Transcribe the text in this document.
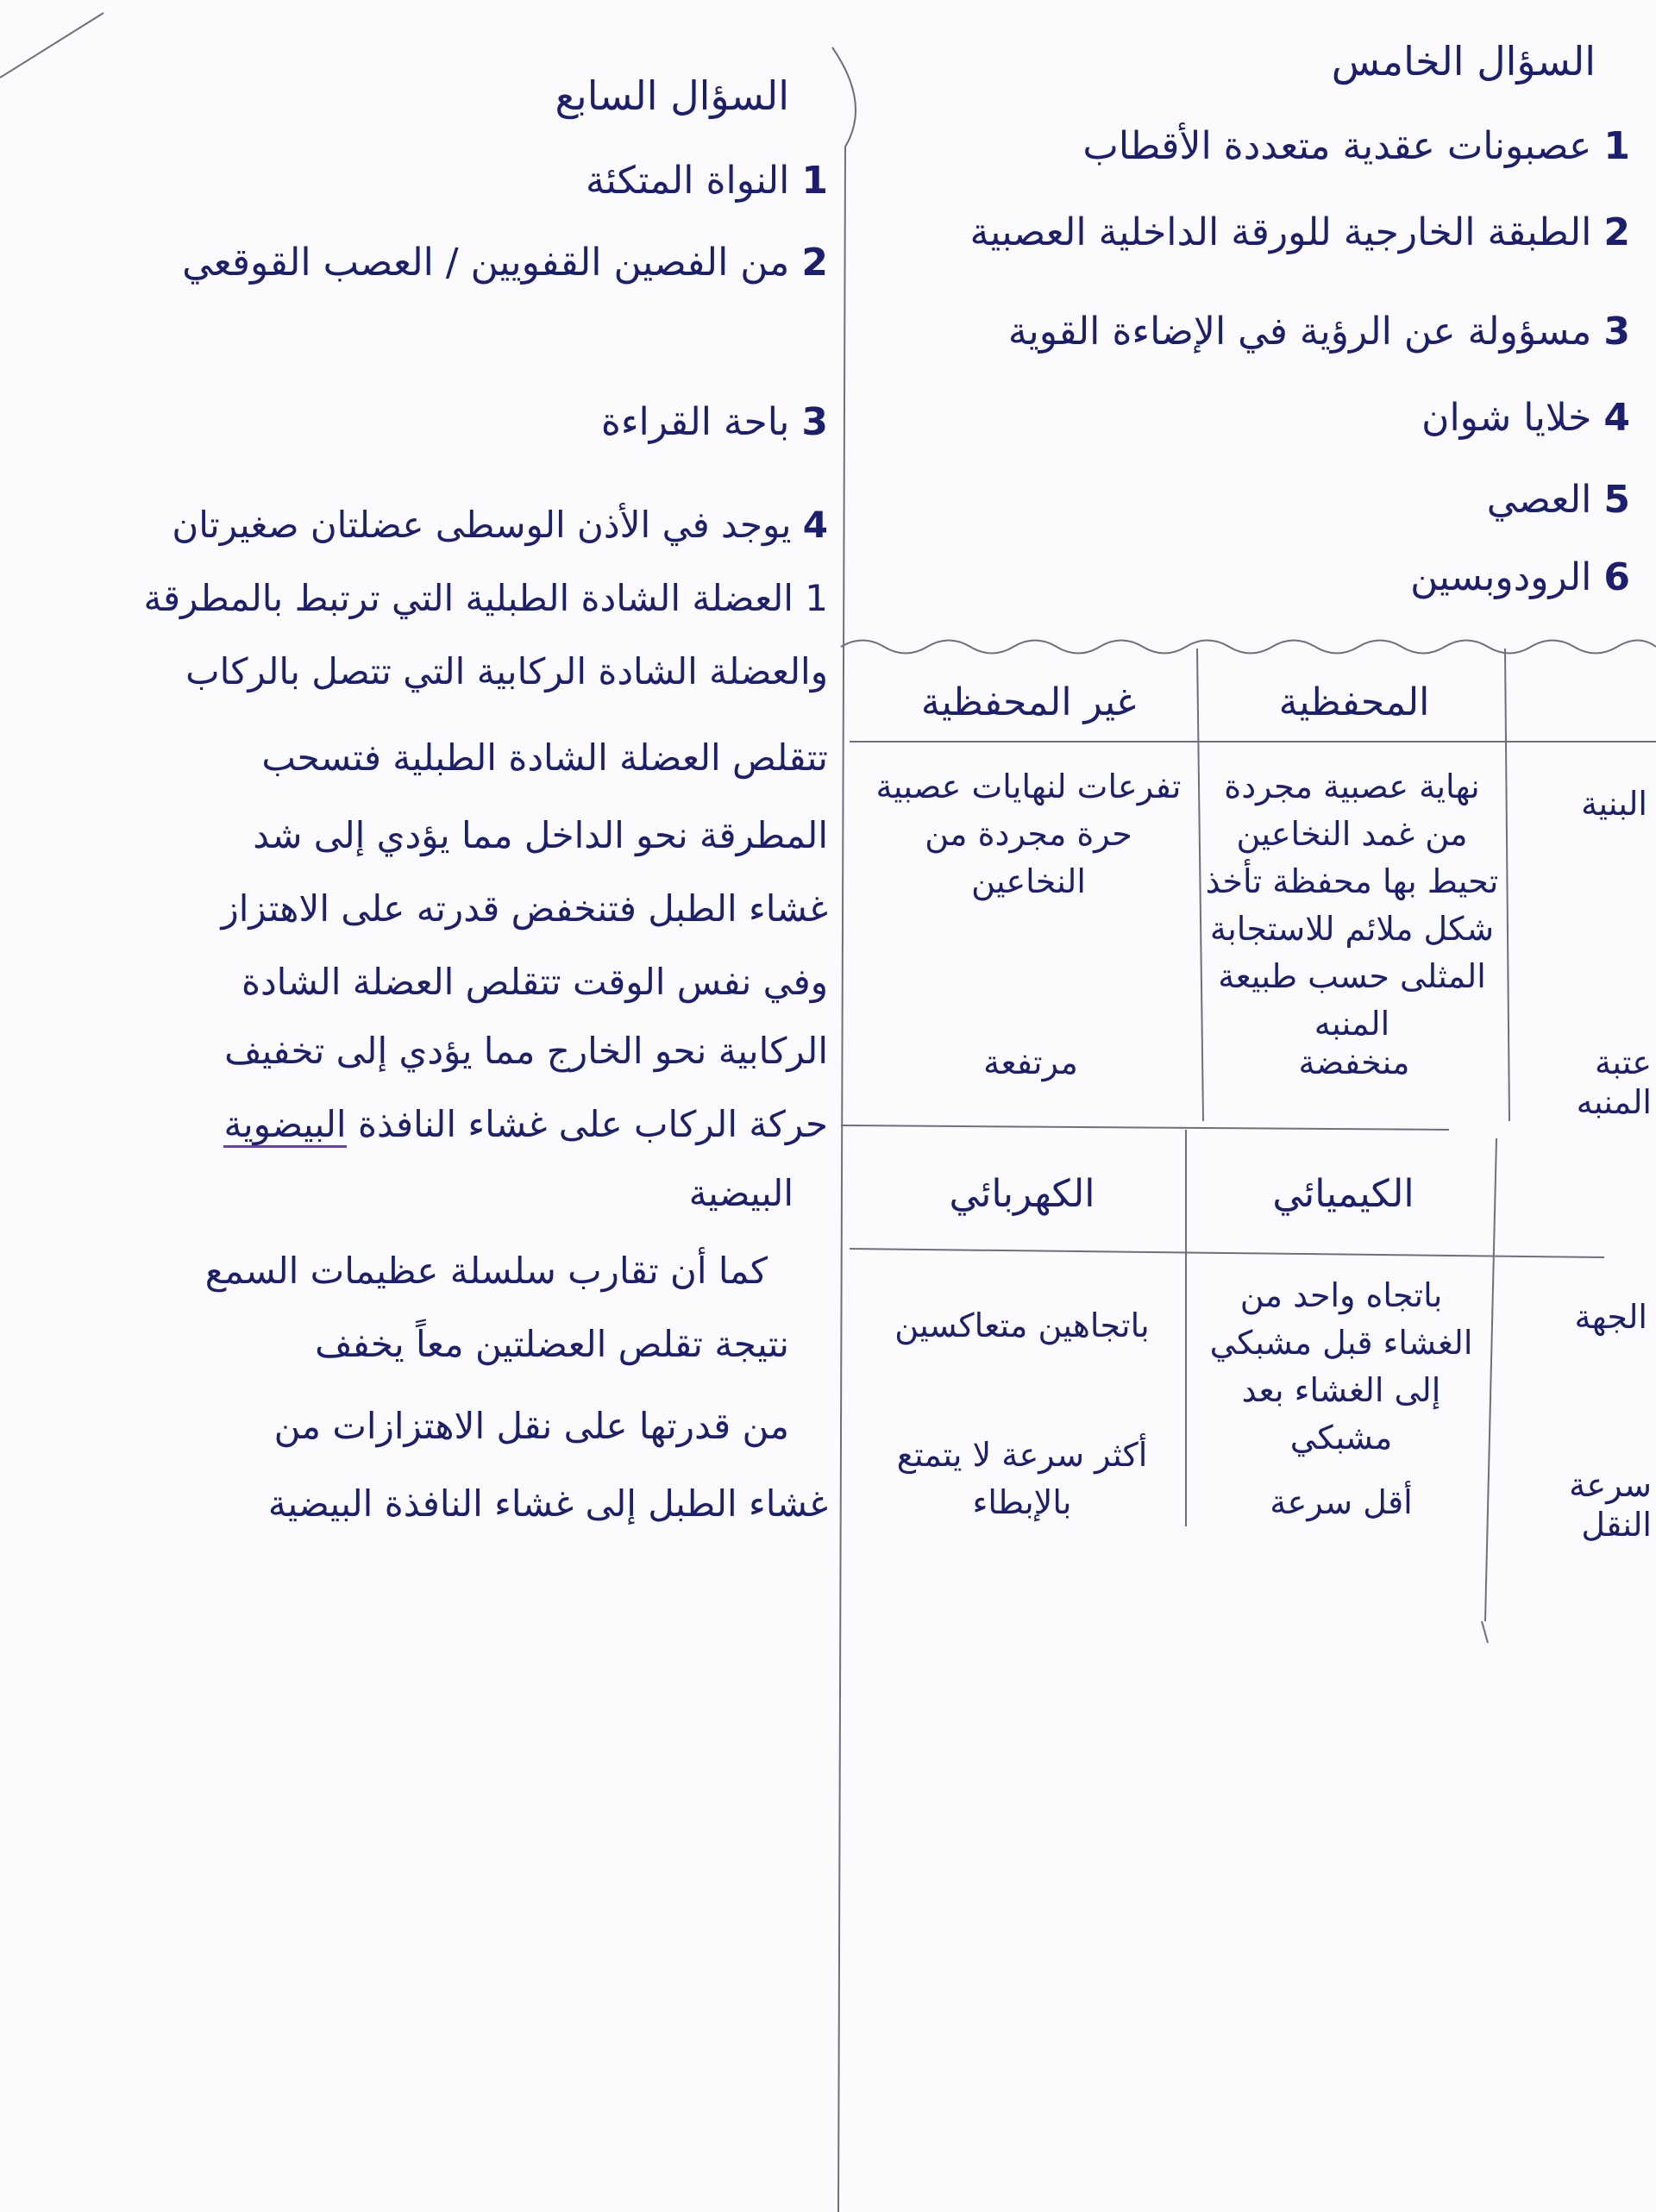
السؤال الخامس
1 عصبونات عقدية متعددة الأقطاب
2 الطبقة الخارجية للورقة الداخلية العصبية
3 مسؤولة عن الرؤية في الإضاءة القوية
4 خلايا شوان
5 العصي
6 الرودوبسين
المحفظية
غير المحفظية
البنية
نهاية عصبية مجردة من غمد النخاعين تحيط بها محفظة تأخذ شكل ملائم للاستجابة المثلى حسب طبيعة المنبه
تفرعات لنهايات عصبية حرة مجردة من النخاعين
عتبة المنبه
منخفضة
مرتفعة
الكيميائي
الكهربائي
الجهة
باتجاه واحد من الغشاء قبل مشبكي إلى الغشاء بعد مشبكي
باتجاهين متعاكسين
سرعة النقل
أقل سرعة
أكثر سرعة لا يتمتع بالإبطاء
السؤال السابع
1 النواة المتكئة
2 من الفصين القفويين / العصب القوقعي
3 باحة القراءة
4 يوجد في الأذن الوسطى عضلتان صغيرتان
1 العضلة الشادة الطبلية التي ترتبط بالمطرقة
والعضلة الشادة الركابية التي تتصل بالركاب
تتقلص العضلة الشادة الطبلية فتسحب
المطرقة نحو الداخل مما يؤدي إلى شد
غشاء الطبل فتنخفض قدرته على الاهتزاز
وفي نفس الوقت تتقلص العضلة الشادة
الركابية نحو الخارج مما يؤدي إلى تخفيف
حركة الركاب على غشاء النافذة البيضوية
البيضية
كما أن تقارب سلسلة عظيمات السمع
نتيجة تقلص العضلتين معاً يخفف
من قدرتها على نقل الاهتزازات من
غشاء الطبل إلى غشاء النافذة البيضية
